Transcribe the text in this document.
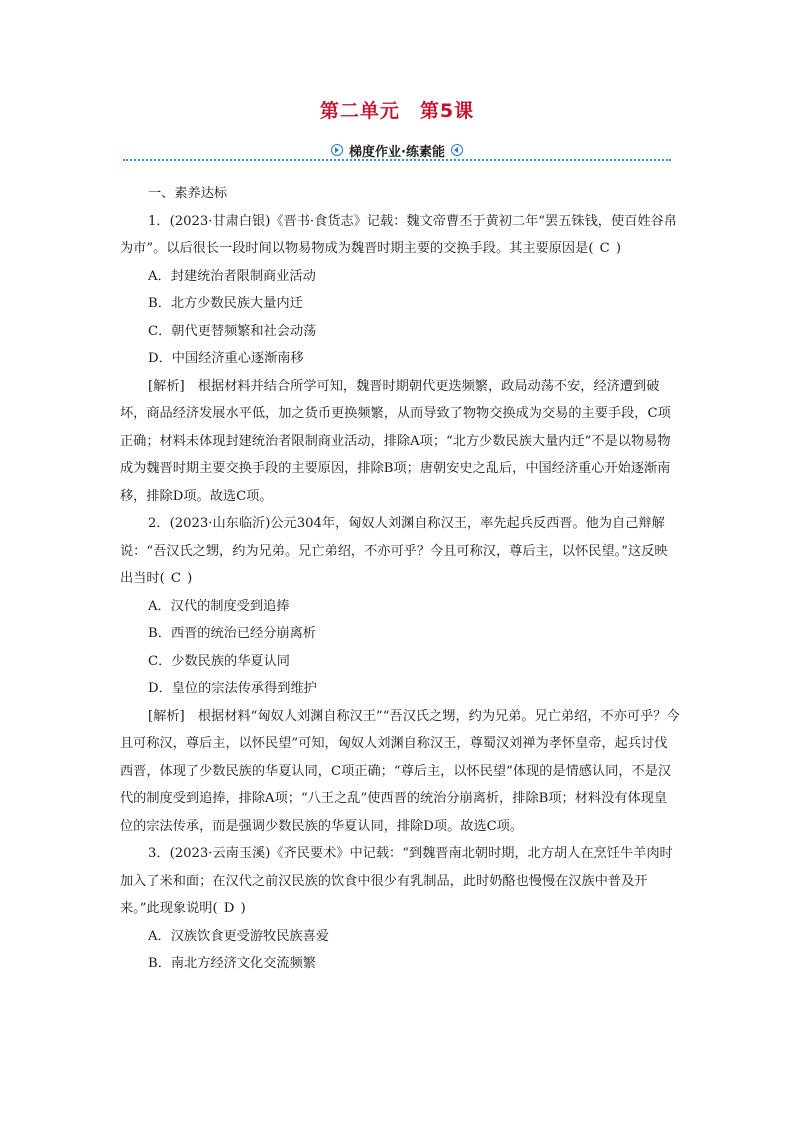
第二单元　第5课
梯度作业·练素能

一、素养达标

1．(2023·甘肃白银)《晋书·食货志》记载：魏文帝曹丕于黄初二年“罢五铢钱，使百姓谷帛为市”。以后很长一段时间以物易物成为魏晋时期主要的交换手段。其主要原因是( C )

A．封建统治者限制商业活动

B．北方少数民族大量内迁

C．朝代更替频繁和社会动荡

D．中国经济重心逐渐南移

[解析]　根据材料并结合所学可知，魏晋时期朝代更迭频繁，政局动荡不安，经济遭到破坏，商品经济发展水平低，加之货币更换频繁，从而导致了物物交换成为交易的主要手段，C项正确；材料未体现封建统治者限制商业活动，排除A项；“北方少数民族大量内迁”不是以物易物成为魏晋时期主要交换手段的主要原因，排除B项；唐朝安史之乱后，中国经济重心开始逐渐南移，排除D项。故选C项。

2．(2023·山东临沂)公元304年，匈奴人刘渊自称汉王，率先起兵反西晋。他为自己辩解说：“吾汉氏之甥，约为兄弟。兄亡弟绍，不亦可乎？今且可称汉，尊后主，以怀民望。”这反映出当时( C )

A．汉代的制度受到追捧

B．西晋的统治已经分崩离析

C．少数民族的华夏认同

D．皇位的宗法传承得到维护

[解析]　根据材料“匈奴人刘渊自称汉王”“吾汉氏之甥，约为兄弟。兄亡弟绍，不亦可乎？今且可称汉，尊后主，以怀民望”可知，匈奴人刘渊自称汉王，尊蜀汉刘禅为孝怀皇帝，起兵讨伐西晋，体现了少数民族的华夏认同，C项正确；“尊后主，以怀民望”体现的是情感认同，不是汉代的制度受到追捧，排除A项；“八王之乱”使西晋的统治分崩离析，排除B项；材料没有体现皇位的宗法传承，而是强调少数民族的华夏认同，排除D项。故选C项。

3．(2023·云南玉溪)《齐民要术》中记载：“到魏晋南北朝时期，北方胡人在烹饪牛羊肉时加入了米和面；在汉代之前汉民族的饮食中很少有乳制品，此时奶酪也慢慢在汉族中普及开来。”此现象说明( D )

A．汉族饮食更受游牧民族喜爱

B．南北方经济文化交流频繁
